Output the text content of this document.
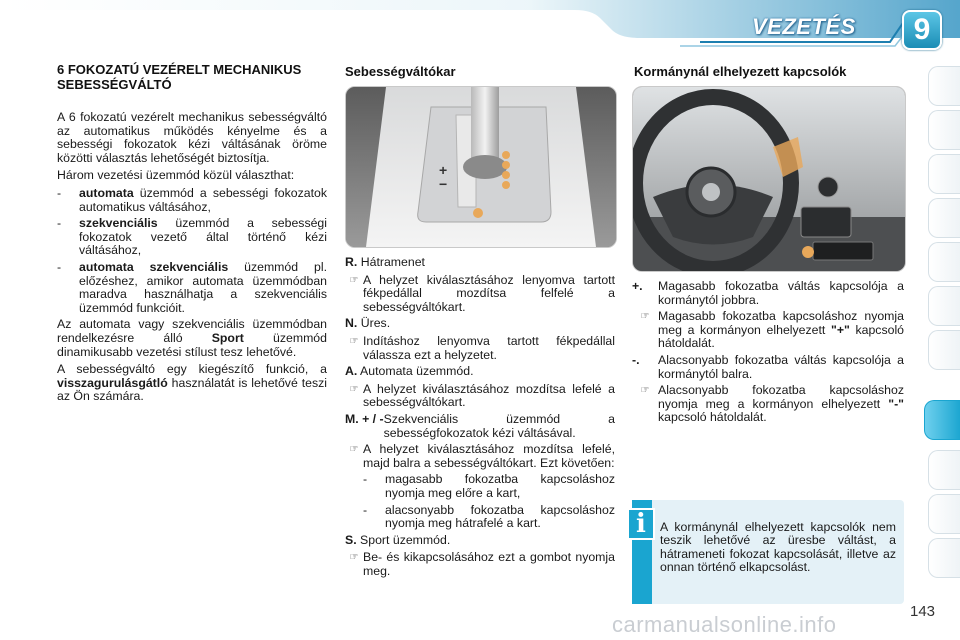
VEZETÉS	9
6 FOKOZATÚ VEZÉRELT MECHANIKUS SEBESSÉGVÁLTÓ

A 6 fokozatú vezérelt mechanikus sebességváltó az automatikus működés kényelme és a sebességi fokozatok kézi váltásának öröme közötti választás lehetőségét biztosítja.

Három vezetési üzemmód közül választhat:

-	automata üzemmód a sebességi fokozatok automatikus váltásához,
-	szekvenciális üzemmód a sebességi fokozatok vezető által történő kézi váltásához,
-	automata szekvenciális üzemmód pl. előzéshez, amikor automata üzemmódban maradva használhatja a szekvenciális üzemmód funkcióit.

Az automata vagy szekvenciális üzemmódban rendelkezésre álló Sport üzemmód dinamikusabb vezetési stílust tesz lehetővé.

A sebességváltó egy kiegészítő funkció, a visszagurulásgátló használatát is lehetővé teszi az Ön számára.

Sebességváltókar
+
−

R. Hátramenet

☞ A helyzet kiválasztásához lenyomva tartott fékpedállal mozdítsa felfelé a sebességváltókart.

N. Üres.

☞ Indításhoz lenyomva tartott fékpedállal válassza ezt a helyzetet.

A. Automata üzemmód.

☞ A helyzet kiválasztásához mozdítsa lefelé a sebességváltókart.
M. + / - Szekvenciális üzemmód a sebességfokozatok kézi váltásával.
☞ A helyzet kiválasztásához mozdítsa lefelé, majd balra a sebességváltókart. Ezt követően:
-	magasabb fokozatba kapcsoláshoz nyomja meg előre a kart,
-	alacsonyabb fokozatba kapcsoláshoz nyomja meg hátrafelé a kart.

S. Sport üzemmód.

☞ Be- és kikapcsolásához ezt a gombot nyomja meg.
Kormánynál elhelyezett kapcsolók
+.	Magasabb fokozatba váltás kapcsolója a kormánytól jobbra.
☞ Magasabb fokozatba kapcsoláshoz nyomja meg a kormányon elhelyezett "+" kapcsoló hátoldalát.
-.	Alacsonyabb fokozatba váltás kapcsolója a kormánytól balra.
☞ Alacsonyabb fokozatba kapcsoláshoz nyomja meg a kormányon elhelyezett "-" kapcsoló hátoldalát.
i	A kormánynál elhelyezett kapcsolók nem teszik lehetővé az üresbe váltást, a hátrameneti fokozat kapcsolását, illetve az onnan történő elkapcsolást.
143
carmanualsonline.info
